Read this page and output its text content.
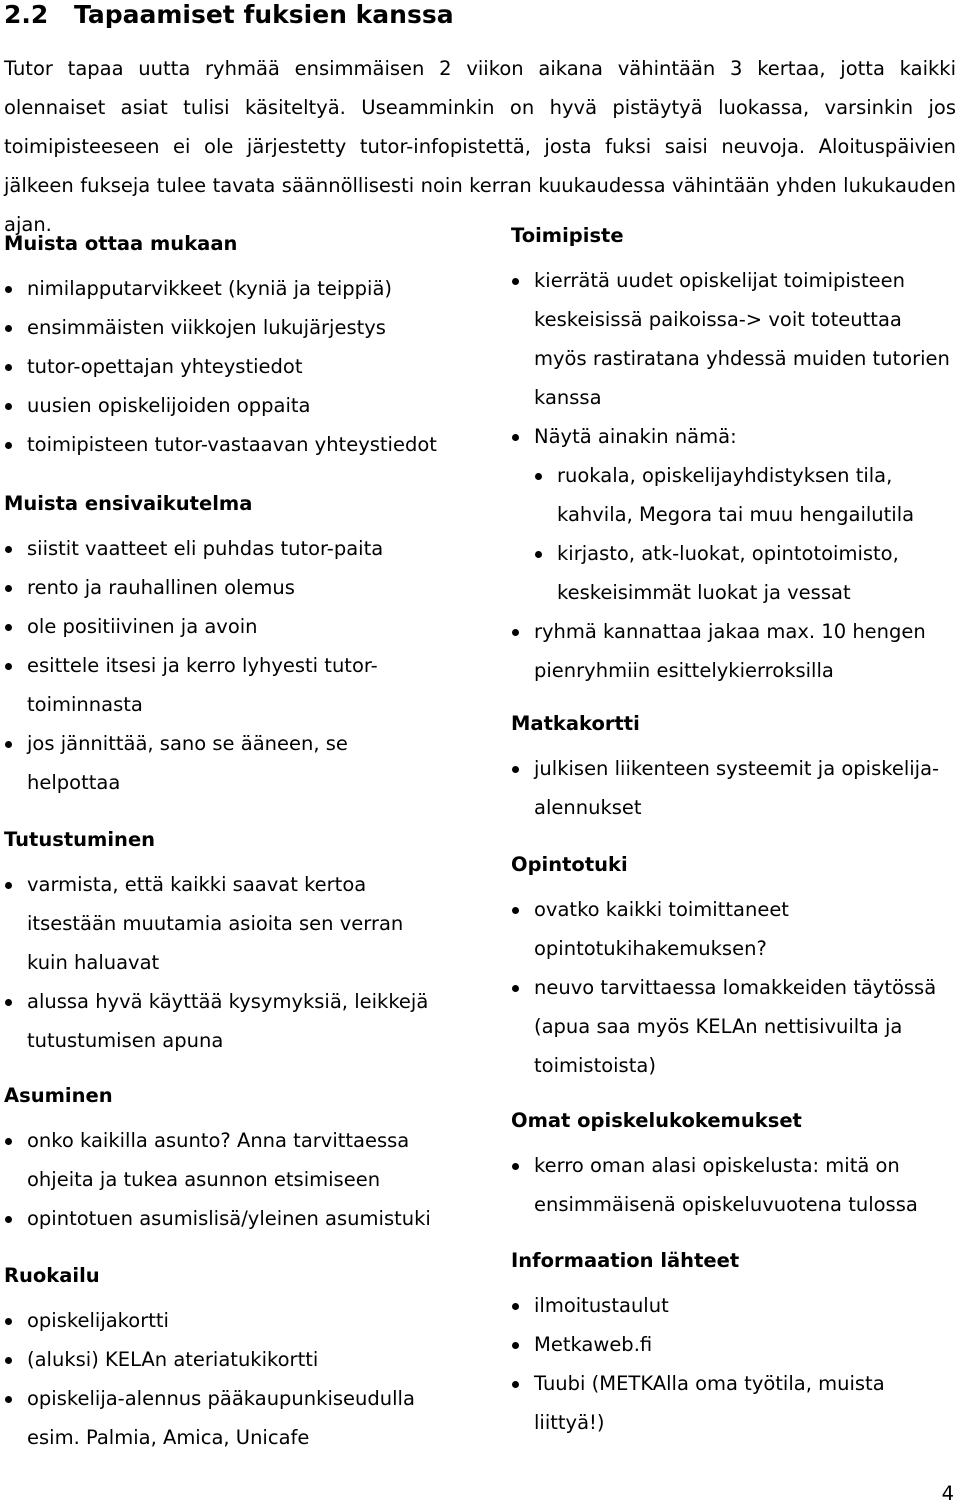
2.2 Tapaamiset fuksien kanssa

Tutor tapaa uutta ryhmää ensimmäisen 2 viikon aikana vähintään 3 kertaa, jotta kaikki olennaiset asiat tulisi käsiteltyä. Useamminkin on hyvä pistäytyä luokassa, varsinkin jos toimipisteeseen ei ole järjestetty tutor-infopistettä, josta fuksi saisi neuvoja. Aloituspäivien jälkeen fukseja tulee tavata säännöllisesti noin kerran kuukaudessa vähintään yhden lukukauden ajan.

Muista ottaa mukaan
nimilapputarvikkeet (kyniä ja teippiä)
ensimmäisten viikkojen lukujärjestys
tutor-opettajan yhteystiedot
uusien opiskelijoiden oppaita
toimipisteen tutor-vastaavan yhteystiedot
Muista ensivaikutelma
siistit vaatteet eli puhdas tutor-paita
rento ja rauhallinen olemus
ole positiivinen ja avoin
esittele itsesi ja kerro lyhyesti tutor-toiminnasta
jos jännittää, sano se ääneen, se helpottaa
Tutustuminen
varmista, että kaikki saavat kertoa itsestään muutamia asioita sen verran kuin haluavat
alussa hyvä käyttää kysymyksiä, leikkejä tutustumisen apuna
Asuminen
onko kaikilla asunto? Anna tarvittaessa ohjeita ja tukea asunnon etsimiseen
opintotuen asumislisä/yleinen asumistuki
Ruokailu
opiskelijakortti
(aluksi) KELAn ateriatukikortti
opiskelija-alennus pääkaupunkiseudulla esim. Palmia, Amica, Unicafe
Toimipiste
kierrätä uudet opiskelijat toimipisteen keskeisissä paikoissa-> voit toteuttaa myös rastiratana yhdessä muiden tutorien kanssa
Näytä ainakin nämä:
ruokala, opiskelijayhdistyksen tila, kahvila, Megora tai muu hengailutila
kirjasto, atk-luokat, opintotoimisto, keskeisimmät luokat ja vessat
ryhmä kannattaa jakaa max. 10 hengen pienryhmiin esittelykierroksilla
Matkakortti
julkisen liikenteen systeemit ja opiskelija-alennukset
Opintotuki
ovatko kaikki toimittaneet opintotukihakemuksen?
neuvo tarvittaessa lomakkeiden täytössä (apua saa myös KELAn nettisivuilta ja toimistoista)
Omat opiskelukokemukset
kerro oman alasi opiskelusta: mitä on ensimmäisenä opiskeluvuotena tulossa
Informaation lähteet
ilmoitustaulut
Metkaweb.fi
Tuubi (METKAlla oma työtila, muista liittyä!)
4
